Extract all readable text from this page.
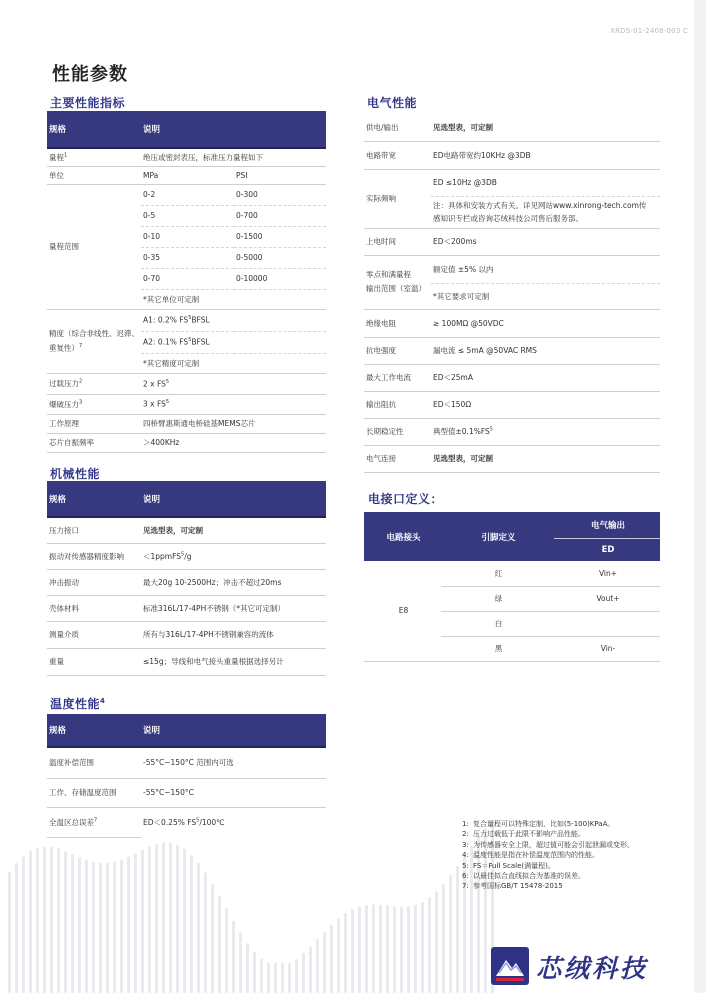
XRDS-01-2408-003 C
性能参数
主要性能指标
规格	说明	
量程$^1$	绝压或密封表压，标准压力量程如下	
单位	MPa	PSI
量程范围	0-2	0-300
	0-5	0-700
	0-10	0-1500
	0-35	0-5000
	0-70	0-10000
	*其它单位可定制	
精度（综合非线性、迟滞、重复性）$^7$	A1: 0.2% $FS^5BFSL$	
	A2: 0.1% $FS^5BFSL$	
	*其它精度可定制	
过载压力$^2$	2 x $FS^5$
爆破压力$^3$	3 x $FS^5$
工作原理	四桥臂惠斯通电桥硅基MEMS芯片	
芯片自振频率	＞400KHz	
机械性能
规格	说明
压力接口	见选型表，可定制
振动对传感器精度影响	＜1ppmFS$^5$/g
冲击振动	最大20g 10-2500Hz；冲击不超过20ms
壳体材料	标准316L/17-4PH不锈钢（*其它可定制）
测量介质	所有与316L/17-4PH不锈钢兼容的流体
重量	≤15g；导线和电气接头重量根据选择另计
温度性能$^4$
规格	说明
温度补偿范围	-55°C~150°C 范围内可选
工作、存储温度范围	-55°C~150°C
全温区总误差$^7$	ED＜0.25% $FS^5/100℃$
电气性能
供电/输出	见选型表，可定制
电路带宽	ED电路带宽约10KHz @3DB
实际频响	ED ≤10Hz @3DB

	注：具体和安装方式有关。详见网站www.xinrong-tech.com传
感知识专栏或咨询芯绒科技公司售后服务部。

上电时间	ED＜200ms

零点和满量程
输出范围（室温）	额定值 ±5% 以内
	*其它要求可定制
绝缘电阻	≥ 100MΩ @50VDC
抗电强度	漏电流 ≤ 5mA @50VAC RMS
最大工作电流	ED＜25mA
输出阻抗	ED＜150Ω
长期稳定性	典型值$\pm 0.1\%FS^5$
电气连接	见选型表，可定制
电接口定义：
电路接头	引脚定义	电气输出
		ED
E8	红	Vin+
	绿	Vout+
	白	
	黑	Vin-
1: 复合量程可以特殊定制，比如(5-100)KPaA。
2: 压力过载低于此限不影响产品性能。
3: 为传感器安全上限，超过值可能会引起泄漏或变形。
4: 温度性能是指在补偿温度范围内的性能。
5: FS＝Full Scale(满量程)。
6: 以最佳拟合直线拟合为基准的误差。
7: 参考国标GB/T 15478-2015
芯绒科技
